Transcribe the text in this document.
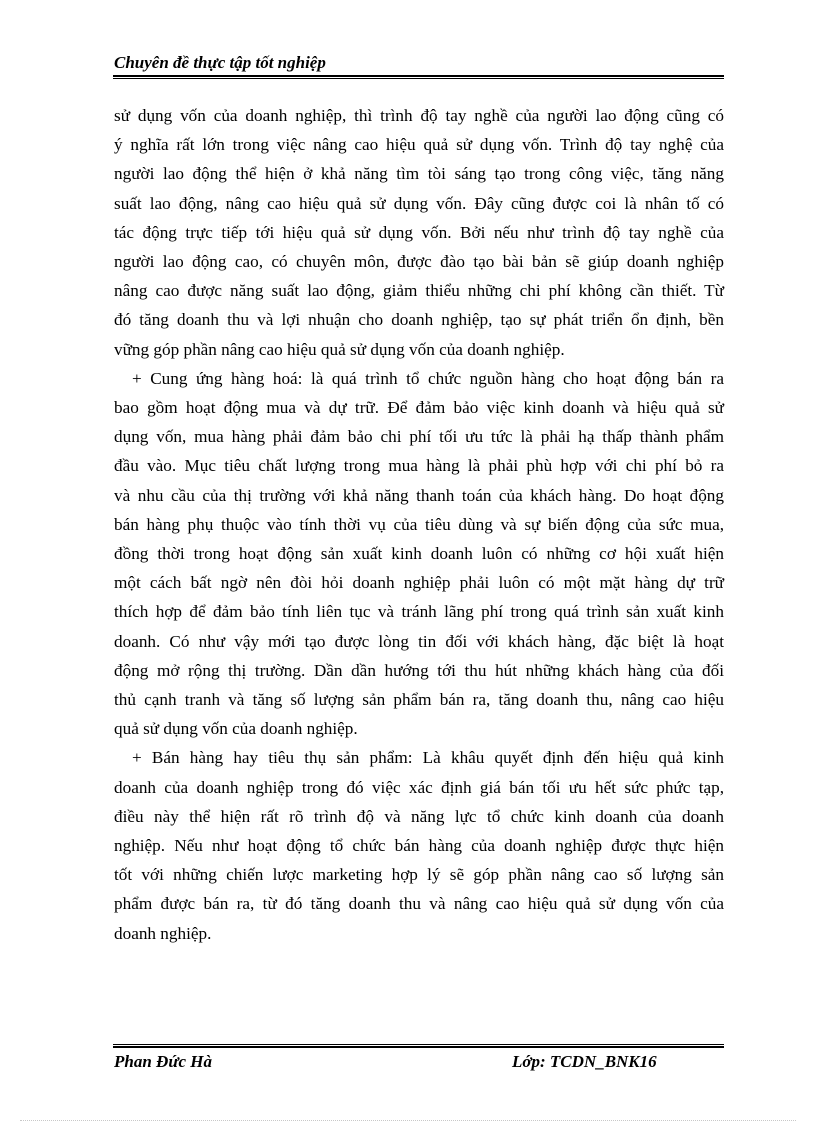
Chuyên đề thực tập tốt nghiệp
sử dụng vốn của doanh nghiệp, thì trình độ tay nghề của người lao động cũng có
ý nghĩa rất lớn trong việc nâng cao hiệu quả sử dụng vốn. Trình độ tay nghệ của
người lao động thể hiện ở khả năng tìm tòi sáng tạo trong công việc, tăng năng
suất lao động, nâng cao hiệu quả sử dụng vốn. Đây cũng được coi là nhân tố có
tác động trực tiếp tới hiệu quả sử dụng vốn. Bởi nếu như trình độ tay nghề của
người lao động cao, có chuyên môn, được đào tạo bài bản sẽ giúp doanh nghiệp
nâng cao được năng suất lao động, giảm thiểu những chi phí không cần thiết. Từ
đó tăng doanh thu và lợi nhuận cho doanh nghiệp, tạo sự phát triển ổn định, bền
vững góp phần nâng cao hiệu quả sử dụng vốn của doanh nghiệp.
+ Cung ứng hàng hoá: là quá trình tổ chức nguồn hàng cho hoạt động bán ra
bao gồm hoạt động mua và dự trữ. Để đảm bảo việc kinh doanh và hiệu quả sử
dụng vốn, mua hàng phải đảm bảo chi phí tối ưu tức là phải hạ thấp thành phẩm
đầu vào. Mục tiêu chất lượng trong mua hàng là phải phù hợp với chi phí bỏ ra
và nhu cầu của thị trường với khả năng thanh toán của khách hàng. Do hoạt động
bán hàng phụ thuộc vào tính thời vụ của tiêu dùng và sự biến động của sức mua,
đồng thời trong hoạt động sản xuất kinh doanh luôn có những cơ hội xuất hiện
một cách bất ngờ nên đòi hỏi doanh nghiệp phải luôn có một mặt hàng dự trữ
thích hợp để đảm bảo tính liên tục và tránh lãng phí trong quá trình sản xuất kinh
doanh. Có như vậy mới tạo được lòng tin đối với khách hàng, đặc biệt là hoạt
động mở rộng thị trường. Dần dần hướng tới thu hút những khách hàng của đối
thủ cạnh tranh và tăng số lượng sản phẩm bán ra, tăng doanh thu, nâng cao hiệu
quả sử dụng vốn của doanh nghiệp.
+ Bán hàng hay tiêu thụ sản phẩm: Là khâu quyết định đến hiệu quả kinh
doanh của doanh nghiệp trong đó việc xác định giá bán tối ưu hết sức phức tạp,
điều này thể hiện rất rõ trình độ và năng lực tổ chức kinh doanh của doanh
nghiệp. Nếu như hoạt động tổ chức bán hàng của doanh nghiệp được thực hiện
tốt với những chiến lược marketing hợp lý sẽ góp phần nâng cao số lượng sản
phẩm được bán ra, từ đó tăng doanh thu và nâng cao hiệu quả sử dụng vốn của
doanh nghiệp.
Phan Đức Hà	Lớp: TCDN_BNK16
